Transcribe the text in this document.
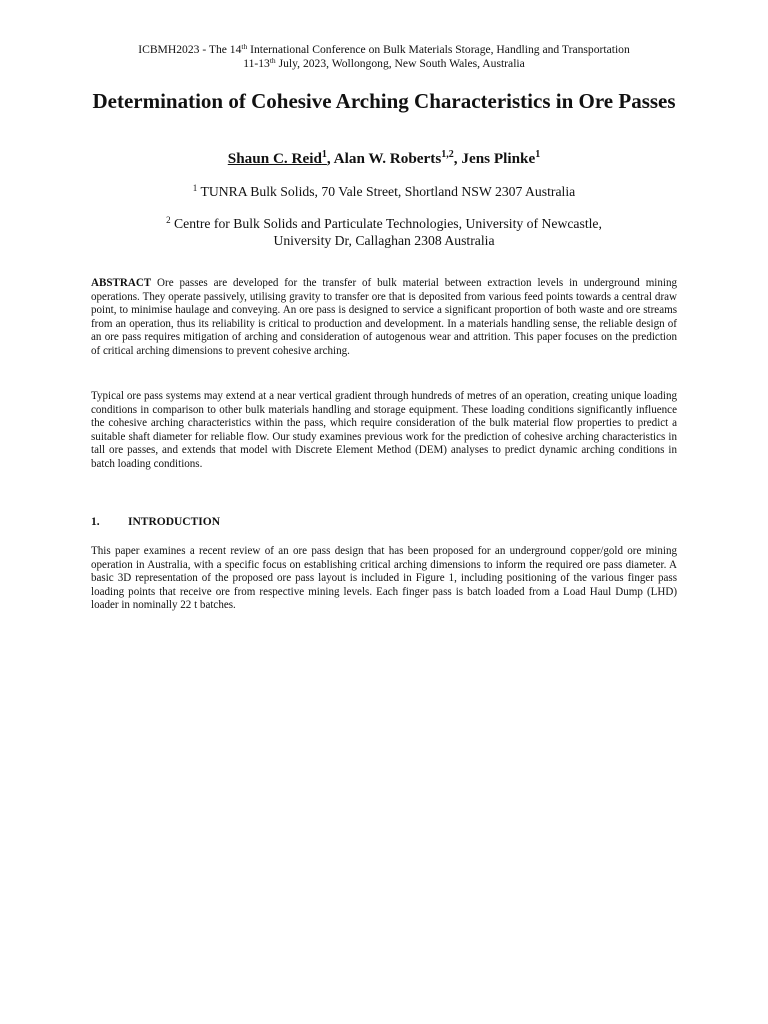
ICBMH2023 - The 14th International Conference on Bulk Materials Storage, Handling and Transportation
11-13th July, 2023, Wollongong, New South Wales, Australia
Determination of Cohesive Arching Characteristics in Ore Passes
Shaun C. Reid$^1$, Alan W. Roberts$^{1,2}$, Jens Plinke$^1$
$^1$ TUNRA Bulk Solids, 70 Vale Street, Shortland NSW 2307 Australia
$^2$ Centre for Bulk Solids and Particulate Technologies, University of Newcastle,
University Dr, Callaghan 2308 Australia

ABSTRACT Ore passes are developed for the transfer of bulk material between extraction levels in underground mining operations. They operate passively, utilising gravity to transfer ore that is deposited from various feed points towards a central draw point, to minimise haulage and conveying. An ore pass is designed to service a significant proportion of both waste and ore streams from an operation, thus its reliability is critical to production and development. In a materials handling sense, the reliable design of an ore pass requires mitigation of arching and consideration of autogenous wear and attrition. This paper focuses on the prediction of critical arching dimensions to prevent cohesive arching.

Typical ore pass systems may extend at a near vertical gradient through hundreds of metres of an operation, creating unique loading conditions in comparison to other bulk materials handling and storage equipment. These loading conditions significantly influence the cohesive arching characteristics within the pass, which require consideration of the bulk material flow properties to predict a suitable shaft diameter for reliable flow. Our study examines previous work for the prediction of cohesive arching characteristics in tall ore passes, and extends that model with Discrete Element Method (DEM) analyses to predict dynamic arching conditions in batch loading conditions.

1. INTRODUCTION

This paper examines a recent review of an ore pass design that has been proposed for an underground copper/gold ore mining operation in Australia, with a specific focus on establishing critical arching dimensions to inform the required ore pass diameter. A basic 3D representation of the proposed ore pass layout is included in Figure 1, including positioning of the various finger pass loading points that receive ore from respective mining levels. Each finger pass is batch loaded from a Load Haul Dump (LHD) loader in nominally 22 t batches.
